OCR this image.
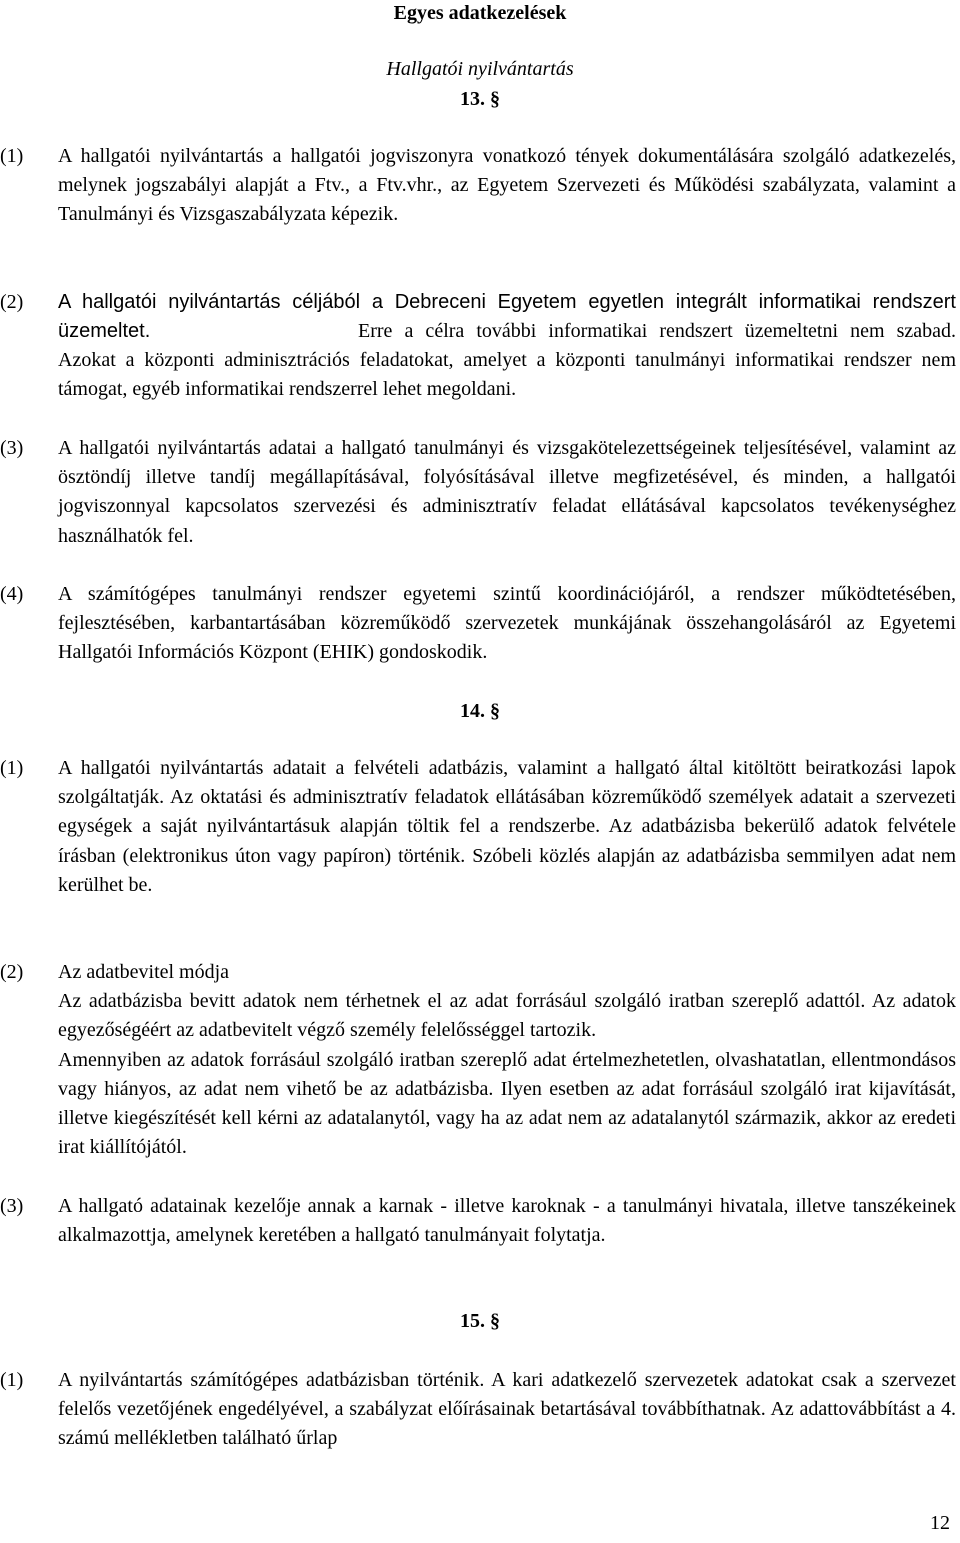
Egyes adatkezelések
Hallgatói nyilvántartás
13. §
(1)	A hallgatói nyilvántartás a hallgatói jogviszonyra vonatkozó tények dokumentálására szolgáló adatkezelés, melynek jogszabályi alapját a Ftv., a Ftv.vhr., az Egyetem Szervezeti és Működési szabályzata, valamint a Tanulmányi és Vizsgaszabályzata képezik.
(2)	A hallgatói nyilvántartás céljából a Debreceni Egyetem egyetlen integrált informatikai rendszert üzemeltet.	Erre a célra további informatikai rendszert üzemeltetni nem szabad. Azokat a központi adminisztrációs feladatokat, amelyet a központi tanulmányi informatikai rendszer nem támogat, egyéb informatikai rendszerrel lehet megoldani.
(3)	A hallgatói nyilvántartás adatai a hallgató tanulmányi és vizsgakötelezettségeinek teljesítésével, valamint az ösztöndíj illetve tandíj megállapításával, folyósításával illetve megfizetésével, és minden, a hallgatói jogviszonnyal kapcsolatos szervezési és adminisztratív feladat ellátásával kapcsolatos tevékenységhez használhatók fel.
(4)	A számítógépes tanulmányi rendszer egyetemi szintű koordinációjáról, a rendszer működtetésében, fejlesztésében, karbantartásában közreműködő szervezetek munkájának összehangolásáról az Egyetemi Hallgatói Információs Központ (EHIK) gondoskodik.
14. §
(1)	A hallgatói nyilvántartás adatait a felvételi adatbázis, valamint a hallgató által kitöltött beiratkozási lapok szolgáltatják. Az oktatási és adminisztratív feladatok ellátásában közreműködő személyek adatait a szervezeti egységek a saját nyilvántartásuk alapján töltik fel a rendszerbe. Az adatbázisba bekerülő adatok felvétele írásban (elektronikus úton vagy papíron) történik. Szóbeli közlés alapján az adatbázisba semmilyen adat nem kerülhet be.
(2)	Az adatbevitel módja

Az adatbázisba bevitt adatok nem térhetnek el az adat forrásául szolgáló iratban szereplő adattól. Az adatok egyezőségéért az adatbevitelt végző személy felelősséggel tartozik.

Amennyiben az adatok forrásául szolgáló iratban szereplő adat értelmezhetetlen, olvashatatlan, ellentmondásos vagy hiányos, az adat nem vihető be az adatbázisba. Ilyen esetben az adat forrásául szolgáló irat kijavítását, illetve kiegészítését kell kérni az adatalanytól, vagy ha az adat nem az adatalanytól származik, akkor az eredeti irat kiállítójától.

(3)	A hallgató adatainak kezelője annak a karnak - illetve karoknak - a tanulmányi hivatala, illetve tanszékeinek alkalmazottja, amelynek keretében a hallgató tanulmányait folytatja.
15. §
(1)	A nyilvántartás számítógépes adatbázisban történik. A kari adatkezelő szervezetek adatokat csak a szervezet felelős vezetőjének engedélyével, a szabályzat előírásainak betartásával továbbíthatnak. Az adattovábbítást a 4. számú mellékletben található űrlap
12
